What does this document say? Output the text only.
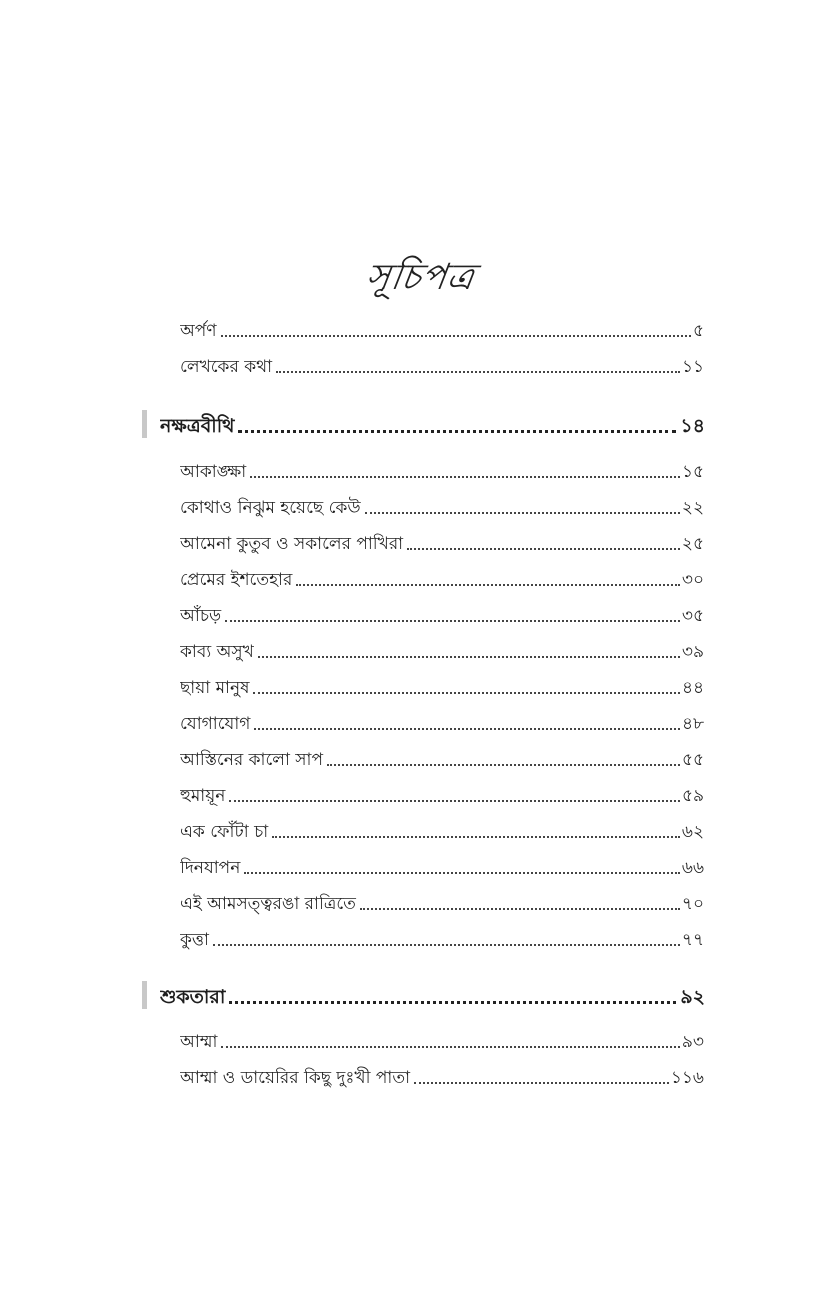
সূচিপত্র
অর্পণ	৫
লেখকের কথা	১১
নক্ষত্রবীথি	১৪
আকাঙ্ক্ষা	১৫
কোথাও নিঝুম হয়েছে কেউ	২২
আমেনা কুতুব ও সকালের পাখিরা	২৫
প্রেমের ইশতেহার	৩০
আঁচড়	৩৫
কাব্য অসুখ	৩৯
ছায়া মানুষ	৪৪
যোগাযোগ	৪৮
আস্তিনের কালো সাপ	৫৫
হুমায়ূন	৫৯
এক ফোঁটা চা	৬২
দিনযাপন	৬৬
এই আমসত্ত্বরঙা রাত্রিতে	৭০
কুত্তা	৭৭
শুকতারা	৯২
আম্মা	৯৩
আম্মা ও ডায়েরির কিছু দুঃখী পাতা	১১৬
